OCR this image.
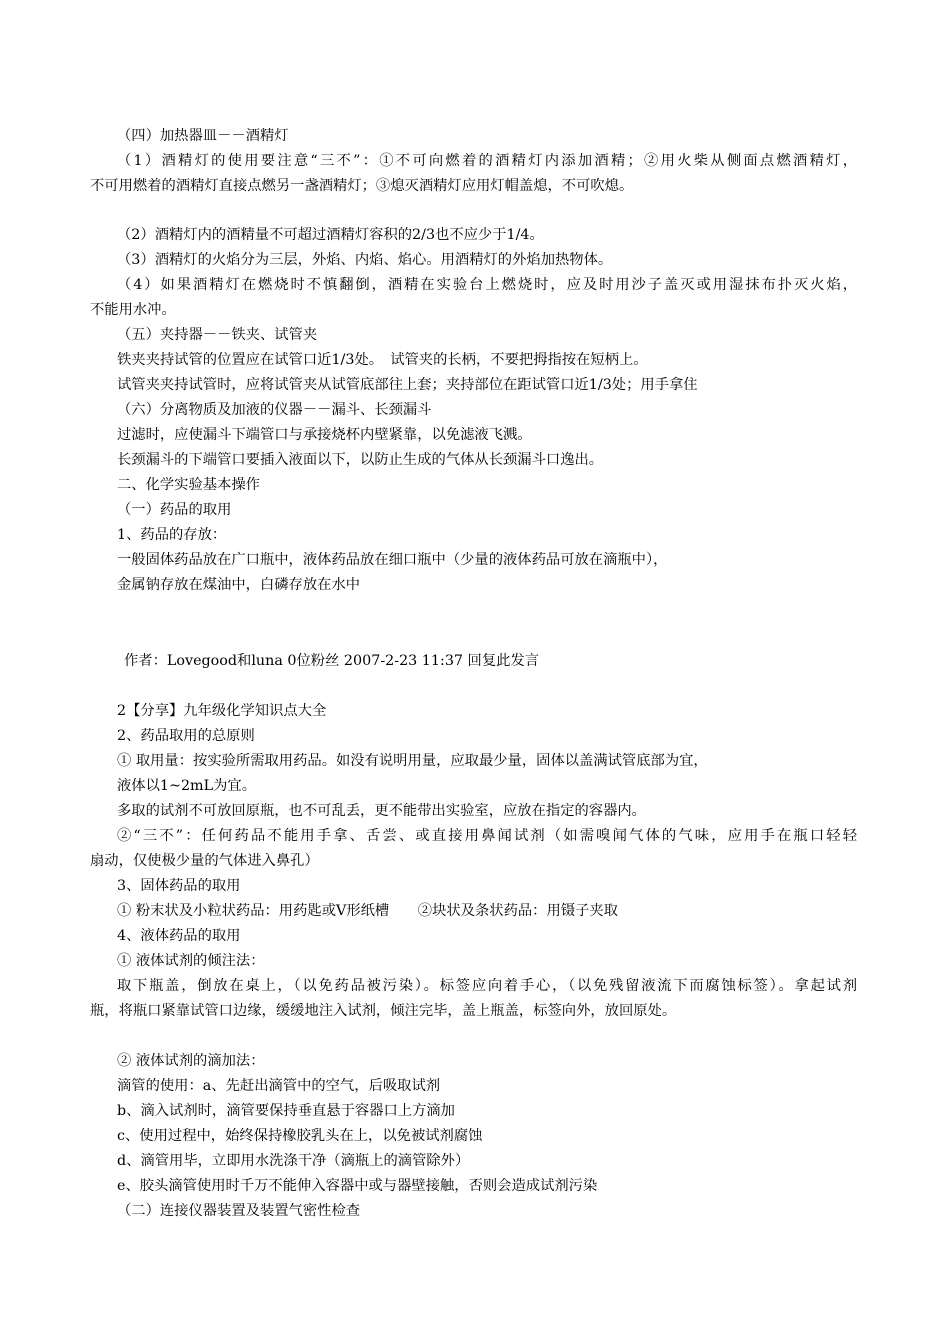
（四）加热器皿－－酒精灯
（1）酒精灯的使用要注意“三不”：①不可向燃着的酒精灯内添加酒精；②用火柴从侧面点燃酒精灯，
不可用燃着的酒精灯直接点燃另一盏酒精灯；③熄灭酒精灯应用灯帽盖熄，不可吹熄。
（2）酒精灯内的酒精量不可超过酒精灯容积的2/3也不应少于1/4。
（3）酒精灯的火焰分为三层，外焰、内焰、焰心。用酒精灯的外焰加热物体。
（4）如果酒精灯在燃烧时不慎翻倒，酒精在实验台上燃烧时，应及时用沙子盖灭或用湿抹布扑灭火焰，
不能用水冲。
（五）夹持器－－铁夹、试管夹
铁夹夹持试管的位置应在试管口近1/3处。　试管夹的长柄，不要把拇指按在短柄上。
试管夹夹持试管时，应将试管夹从试管底部往上套；夹持部位在距试管口近1/3处；用手拿住
（六）分离物质及加液的仪器－－漏斗、长颈漏斗
过滤时，应使漏斗下端管口与承接烧杯内壁紧靠，以免滤液飞溅。
长颈漏斗的下端管口要插入液面以下，以防止生成的气体从长颈漏斗口逸出。
二、化学实验基本操作
（一）药品的取用
1、药品的存放：
一般固体药品放在广口瓶中，液体药品放在细口瓶中（少量的液体药品可放在滴瓶中），
金属钠存放在煤油中，白磷存放在水中
作者：Lovegood和luna 0位粉丝 2007-2-23 11:37 回复此发言
2【分享】九年级化学知识点大全
2、药品取用的总原则
① 取用量：按实验所需取用药品。如没有说明用量，应取最少量，固体以盖满试管底部为宜，
液体以1~2mL为宜。
多取的试剂不可放回原瓶，也不可乱丢，更不能带出实验室，应放在指定的容器内。
②“三不”：任何药品不能用手拿、舌尝、或直接用鼻闻试剂（如需嗅闻气体的气味，应用手在瓶口轻轻
扇动，仅使极少量的气体进入鼻孔）
3、固体药品的取用
① 粉末状及小粒状药品：用药匙或V形纸槽　　②块状及条状药品：用镊子夹取
4、液体药品的取用
① 液体试剂的倾注法：
取下瓶盖，倒放在桌上，（以免药品被污染）。标签应向着手心，（以免残留液流下而腐蚀标签）。拿起试剂
瓶，将瓶口紧靠试管口边缘，缓缓地注入试剂，倾注完毕，盖上瓶盖，标签向外，放回原处。
② 液体试剂的滴加法：
滴管的使用：a、先赶出滴管中的空气，后吸取试剂
b、滴入试剂时，滴管要保持垂直悬于容器口上方滴加
c、使用过程中，始终保持橡胶乳头在上，以免被试剂腐蚀
d、滴管用毕，立即用水洗涤干净（滴瓶上的滴管除外）
e、胶头滴管使用时千万不能伸入容器中或与器壁接触，否则会造成试剂污染
（二）连接仪器装置及装置气密性检查
